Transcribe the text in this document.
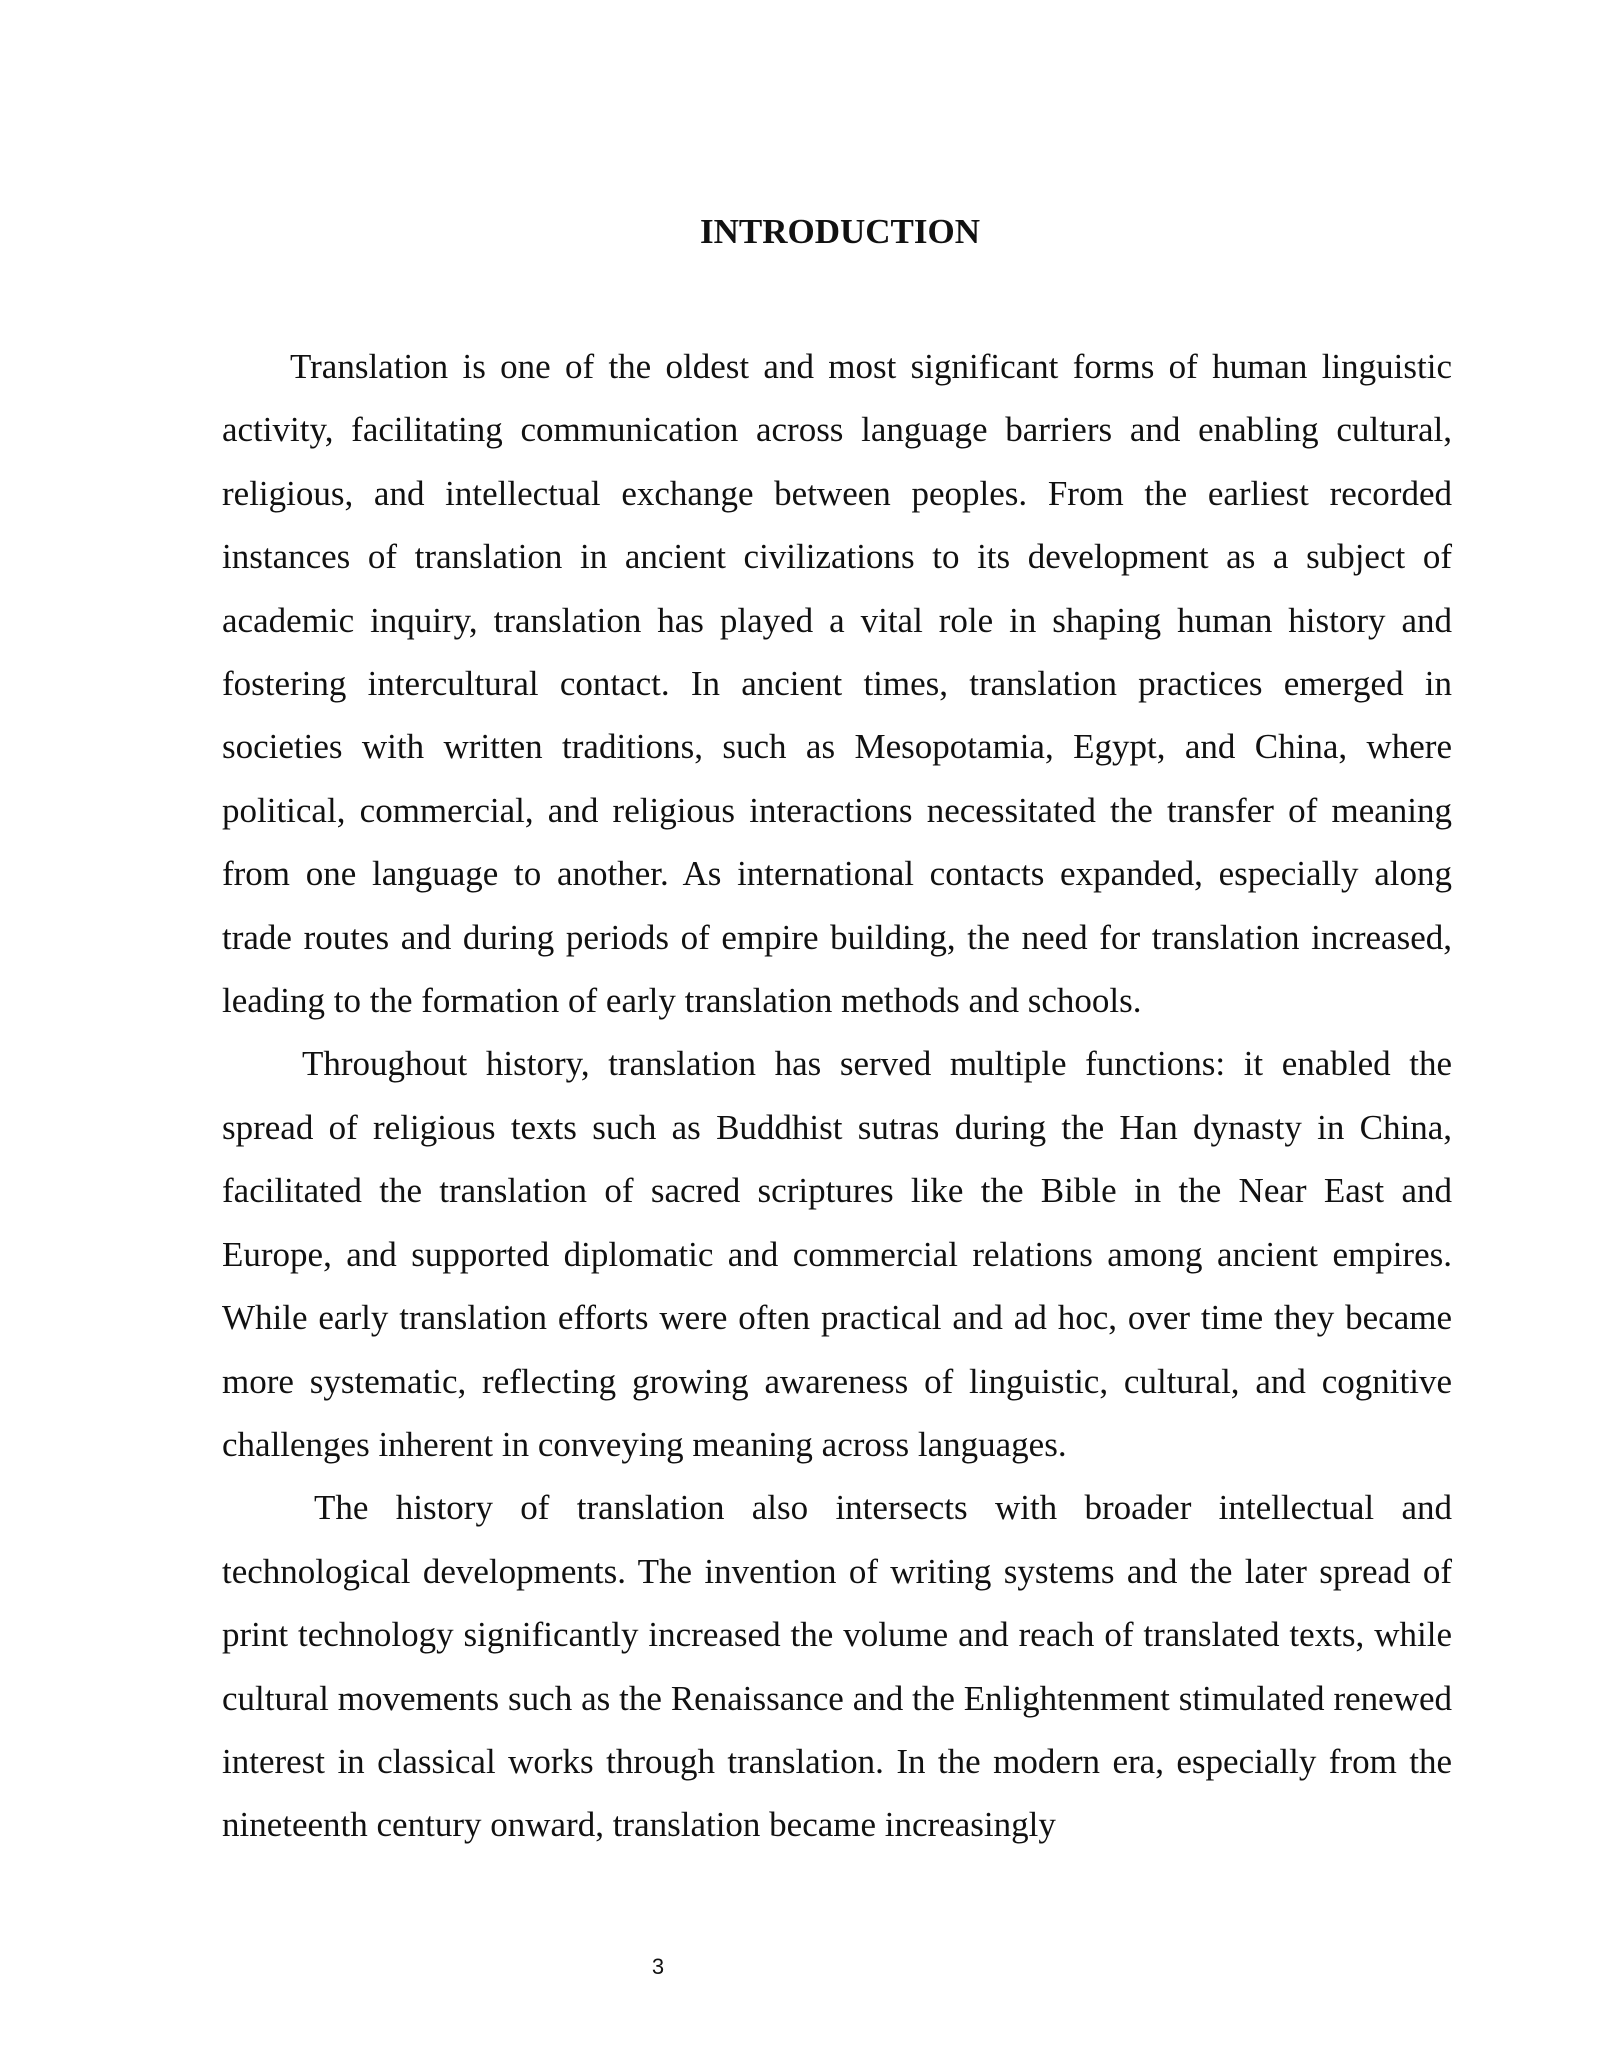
INTRODUCTION

Translation is one of the oldest and most significant forms of human linguistic activity, facilitating communication across language barriers and enabling cultural, religious, and intellectual exchange between peoples. From the earliest recorded instances of translation in ancient civilizations to its development as a subject of academic inquiry, translation has played a vital role in shaping human history and fostering intercultural contact. In ancient times, translation practices emerged in societies with written traditions, such as Mesopotamia, Egypt, and China, where political, commercial, and religious interactions necessitated the transfer of meaning from one language to another. As international contacts expanded, especially along trade routes and during periods of empire building, the need for translation increased, leading to the formation of early translation methods and schools.

Throughout history, translation has served multiple functions: it enabled the spread of religious texts such as Buddhist sutras during the Han dynasty in China, facilitated the translation of sacred scriptures like the Bible in the Near East and Europe, and supported diplomatic and commercial relations among ancient empires. While early translation efforts were often practical and ad hoc, over time they became more systematic, reflecting growing awareness of linguistic, cultural, and cognitive challenges inherent in conveying meaning across languages.

The history of translation also intersects with broader intellectual and technological developments. The invention of writing systems and the later spread of print technology significantly increased the volume and reach of translated texts, while cultural movements such as the Renaissance and the Enlightenment stimulated renewed interest in classical works through translation. In the modern era, especially from the nineteenth century onward, translation became increasingly

3
